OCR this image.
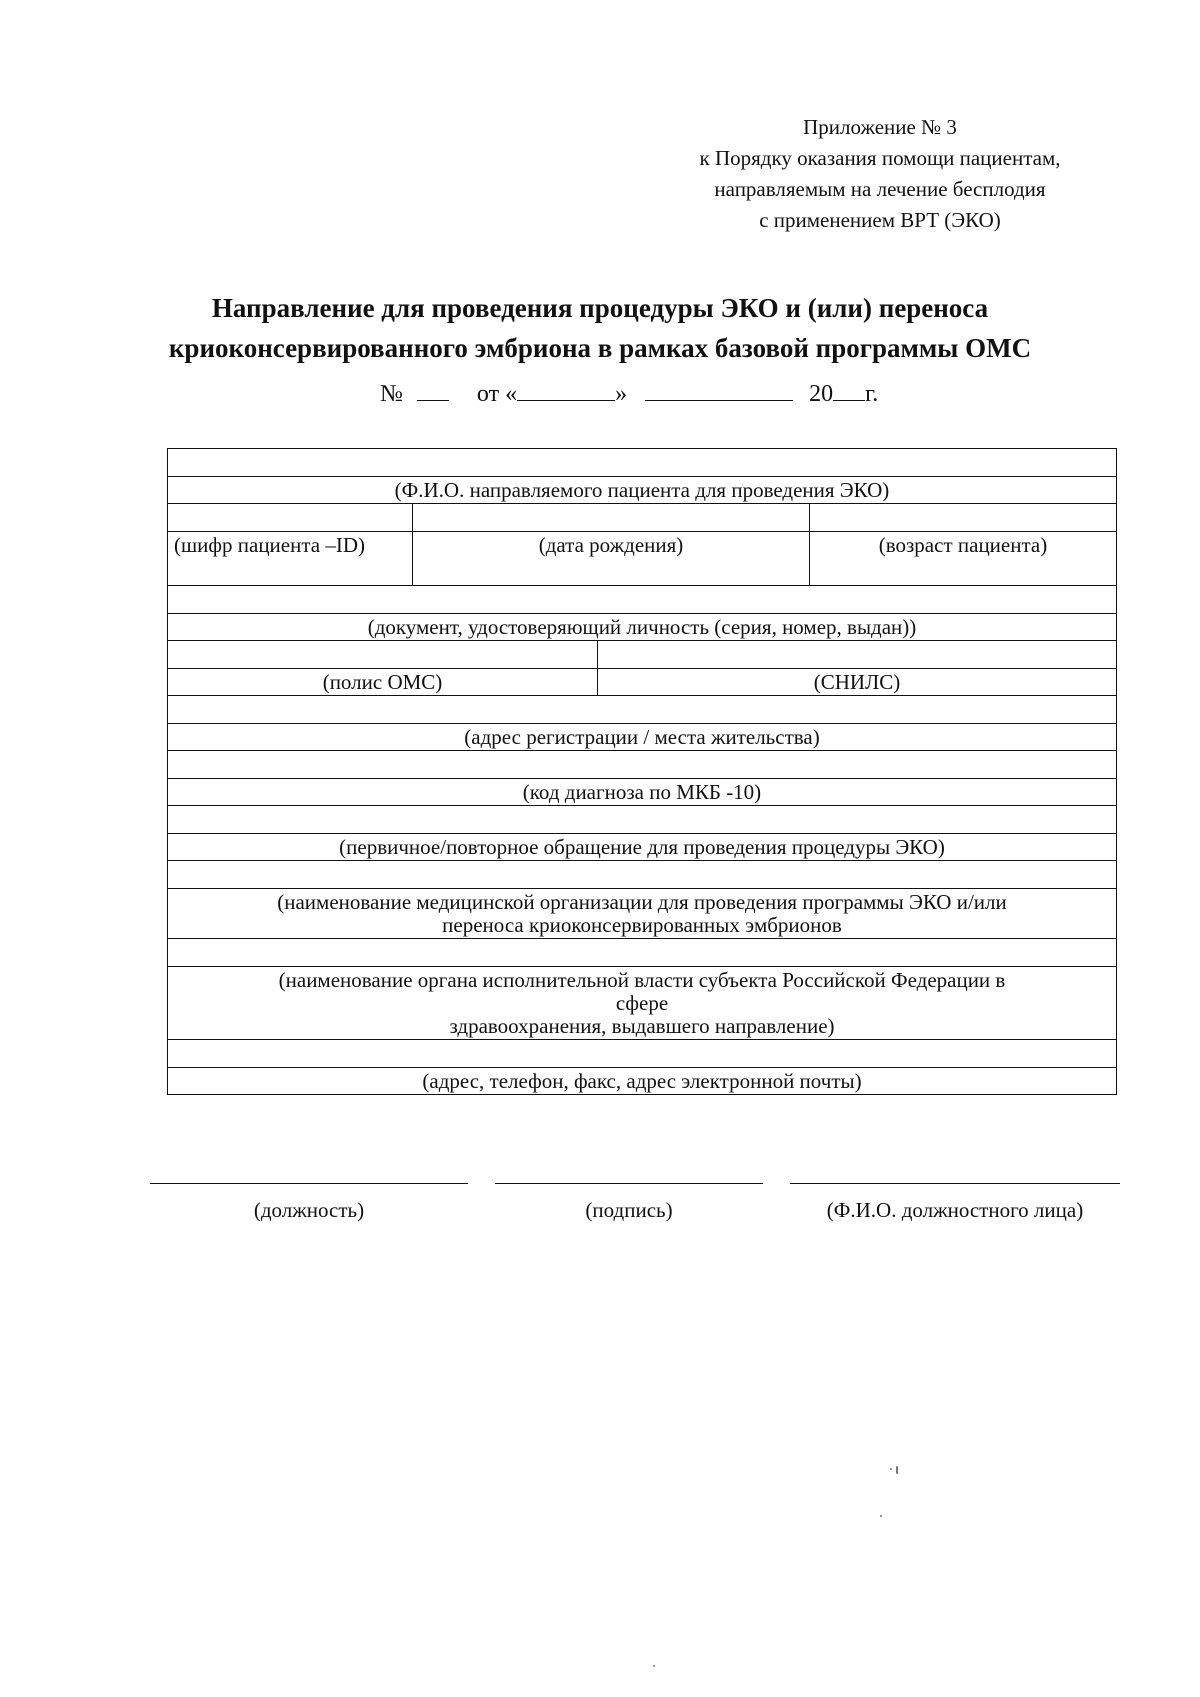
Приложение № 3
к Порядку оказания помощи пациентам,
направляемым на лечение бесплодия
с применением ВРТ (ЭКО)
Направление для проведения процедуры ЭКО и (или) переноса
криоконсервированного эмбриона в рамках базовой программы ОМС
№	от «	»	20 г.
(Ф.И.О. направляемого пациента для проведения ЭКО)
(шифр пациента –ID)	(дата рождения)	(возраст пациента)
(документ, удостоверяющий личность (серия, номер, выдан))
(полис ОМС)	(СНИЛС)
(адрес регистрации / места жительства)
(код диагноза по МКБ -10)
(первичное/повторное обращение для проведения процедуры ЭКО)
(наименование медицинской организации для проведения программы ЭКО и/или
переноса криоконсервированных эмбрионов
(наименование органа исполнительной власти субъекта Российской Федерации в
сфере
здравоохранения, выдавшего направление)
(адрес, телефон, факс, адрес электронной почты)
(должность)	(подпись)	(Ф.И.О. должностного лица)
